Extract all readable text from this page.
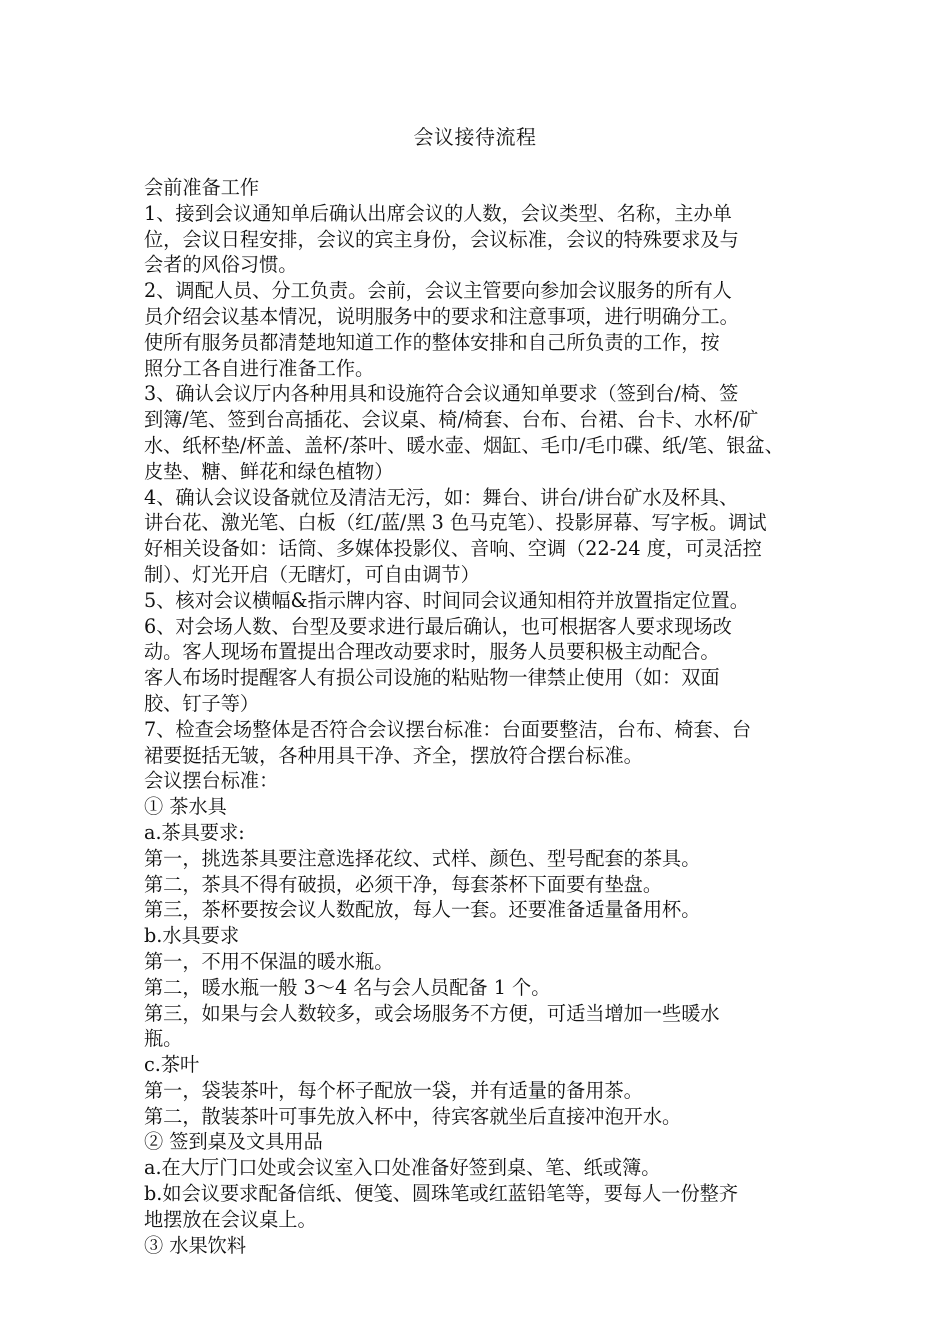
会议接待流程
会前准备工作
1、接到会议通知单后确认出席会议的人数，会议类型、名称，主办单
位，会议日程安排，会议的宾主身份，会议标准，会议的特殊要求及与
会者的风俗习惯。
2、调配人员、分工负责。会前，会议主管要向参加会议服务的所有人
员介绍会议基本情况，说明服务中的要求和注意事项，进行明确分工。
使所有服务员都清楚地知道工作的整体安排和自己所负责的工作，按
照分工各自进行准备工作。
3、确认会议厅内各种用具和设施符合会议通知单要求（签到台/椅、签
到簿/笔、签到台高插花、会议桌、椅/椅套、台布、台裙、台卡、水杯/矿
水、纸杯垫/杯盖、盖杯/茶叶、暖水壶、烟缸、毛巾/毛巾碟、纸/笔、银盆、
皮垫、糖、鲜花和绿色植物）
4、确认会议设备就位及清洁无污，如：舞台、讲台/讲台矿水及杯具、
讲台花、激光笔、白板（红/蓝/黑 3 色马克笔）、投影屏幕、写字板。调试
好相关设备如：话筒、多媒体投影仪、音响、空调（22-24 度，可灵活控
制）、灯光开启（无瞎灯，可自由调节）
5、核对会议横幅&指示牌内容、时间同会议通知相符并放置指定位置。
6、对会场人数、台型及要求进行最后确认，也可根据客人要求现场改
动。客人现场布置提出合理改动要求时，服务人员要积极主动配合。
客人布场时提醒客人有损公司设施的粘贴物一律禁止使用（如：双面
胶、钉子等）
7、检查会场整体是否符合会议摆台标准：台面要整洁，台布、椅套、台
裙要挺括无皱，各种用具干净、齐全，摆放符合摆台标准。
会议摆台标准：
① 茶水具
a.茶具要求:
第一，挑选茶具要注意选择花纹、式样、颜色、型号配套的茶具。
第二，茶具不得有破损，必须干净，每套茶杯下面要有垫盘。
第三，茶杯要按会议人数配放，每人一套。还要准备适量备用杯。
b.水具要求
第一，不用不保温的暖水瓶。
第二，暖水瓶一般 3～4 名与会人员配备 1 个。
第三，如果与会人数较多，或会场服务不方便，可适当增加一些暖水
瓶。
c.茶叶
第一，袋装茶叶，每个杯子配放一袋，并有适量的备用茶。
第二，散装茶叶可事先放入杯中，待宾客就坐后直接冲泡开水。
② 签到桌及文具用品
a.在大厅门口处或会议室入口处准备好签到桌、笔、纸或簿。
b.如会议要求配备信纸、便笺、圆珠笔或红蓝铅笔等，要每人一份整齐
地摆放在会议桌上。
③ 水果饮料
